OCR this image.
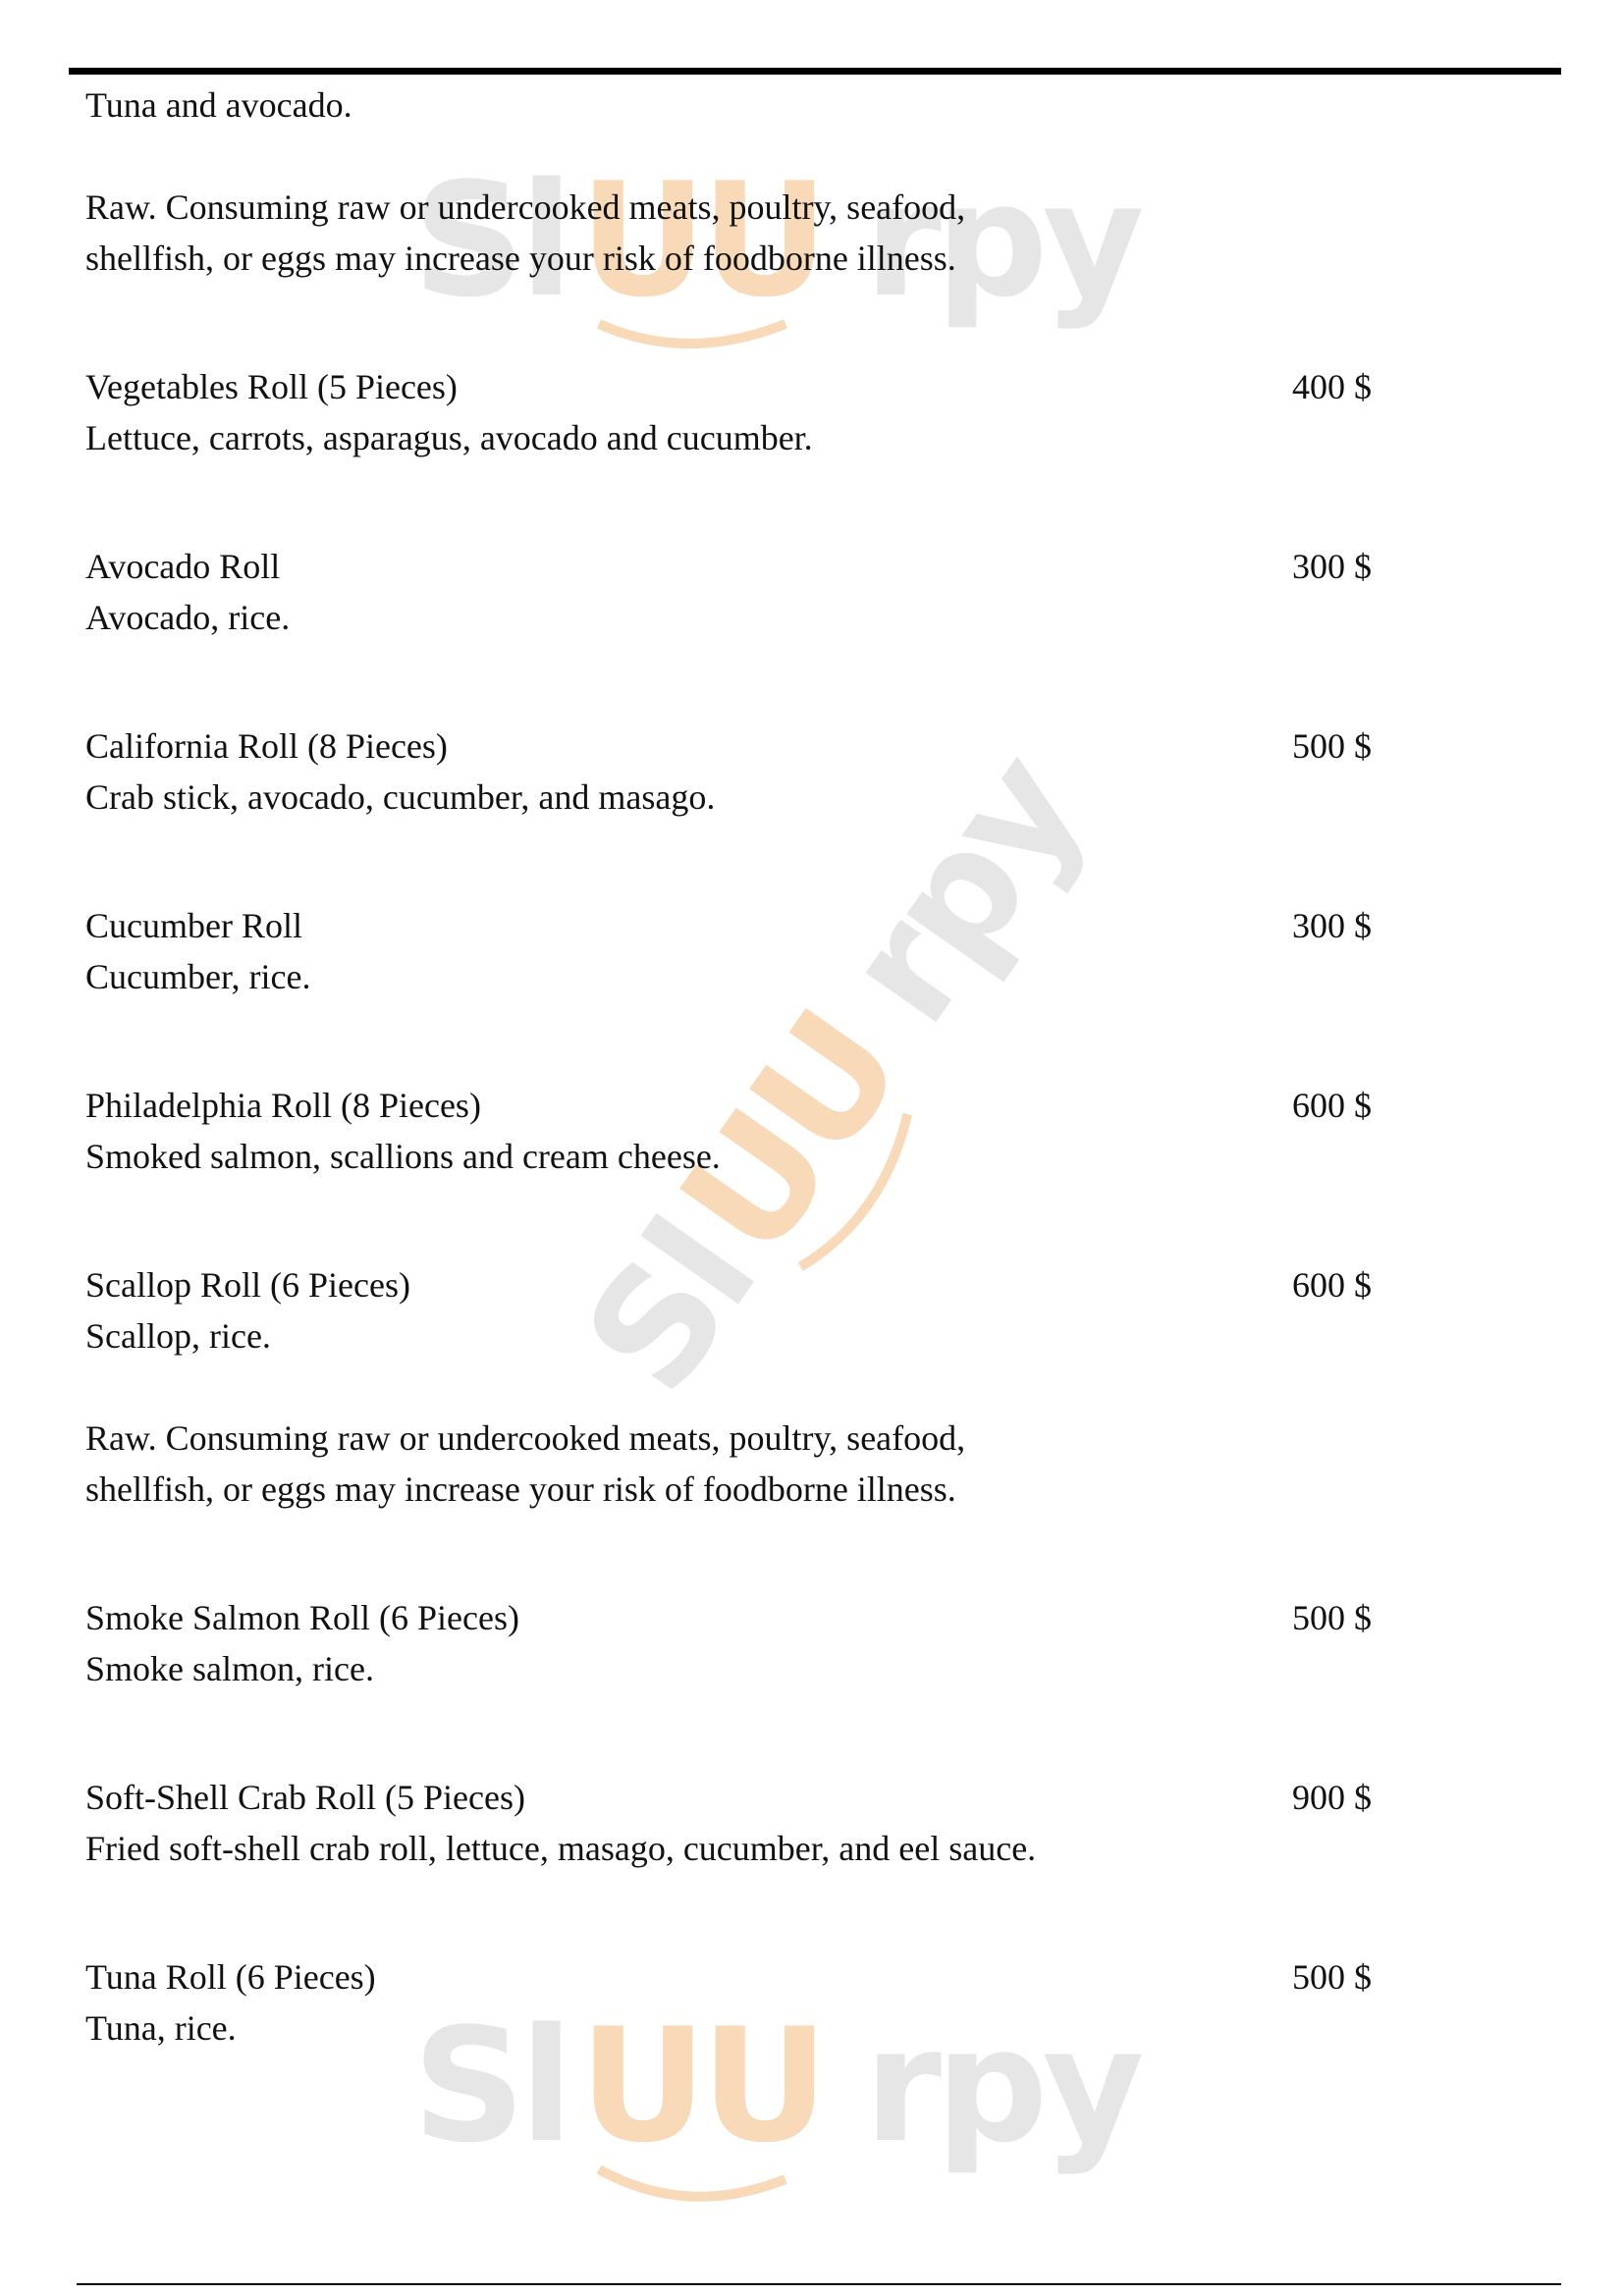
Sl UU rpy
Sl
UU
rpy
Sl UU rpy
Tuna and avocado.
Raw. Consuming raw or undercooked meats, poultry, seafood,
shellfish, or eggs may increase your risk of foodborne illness.
Vegetables Roll (5 Pieces)	400 $
Lettuce, carrots, asparagus, avocado and cucumber.
Avocado Roll	300 $
Avocado, rice.
California Roll (8 Pieces)	500 $
Crab stick, avocado, cucumber, and masago.
Cucumber Roll	300 $
Cucumber, rice.
Philadelphia Roll (8 Pieces)	600 $
Smoked salmon, scallions and cream cheese.
Scallop Roll (6 Pieces)	600 $
Scallop, rice.
Raw. Consuming raw or undercooked meats, poultry, seafood,
shellfish, or eggs may increase your risk of foodborne illness.
Smoke Salmon Roll (6 Pieces)	500 $
Smoke salmon, rice.
Soft-Shell Crab Roll (5 Pieces)	900 $
Fried soft-shell crab roll, lettuce, masago, cucumber, and eel sauce.
Tuna Roll (6 Pieces)	500 $
Tuna, rice.
